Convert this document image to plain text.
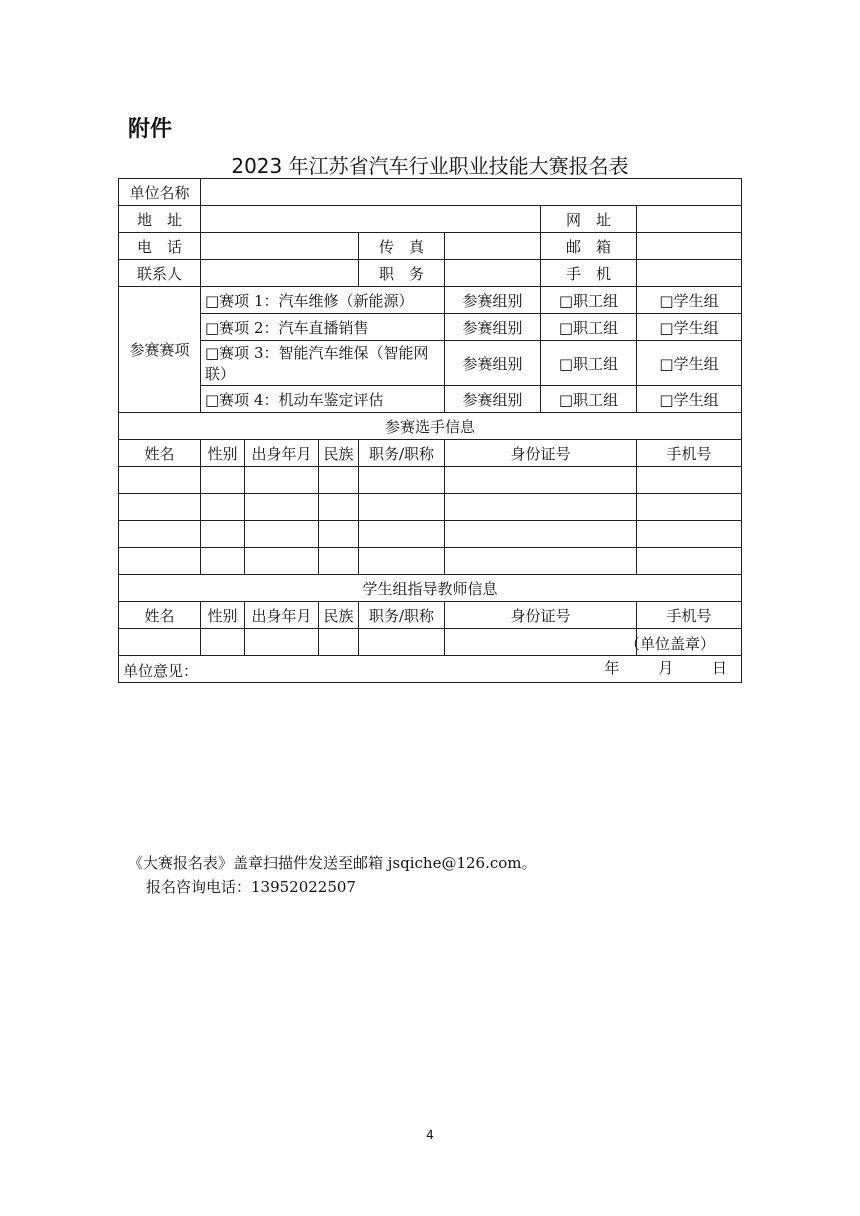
附件
2023 年江苏省汽车行业职业技能大赛报名表
单位名称							
地　址						网　址	
电　话				传　真		邮　箱	
联系人				职　务		手　机	
参赛赛项	□赛项 1：汽车维修（新能源）				参赛组别	□职工组	□学生组
	□赛项 2：汽车直播销售				参赛组别	□职工组	□学生组
	□赛项 3：智能汽车维保（智能网联）				参赛组别	□职工组	□学生组
	□赛项 4：机动车鉴定评估				参赛组别	□职工组	□学生组
参赛选手信息							
姓名	性别	出身年月	民族	职务/职称	身份证号		手机号

学生组指导教师信息							
姓名	性别	出身年月	民族	职务/职称	身份证号		手机号

单位意见：
（单位盖章）
年 月 日							
《大赛报名表》盖章扫描件发送至邮箱 jsqiche@126.com。
报名咨询电话：13952022507
4
